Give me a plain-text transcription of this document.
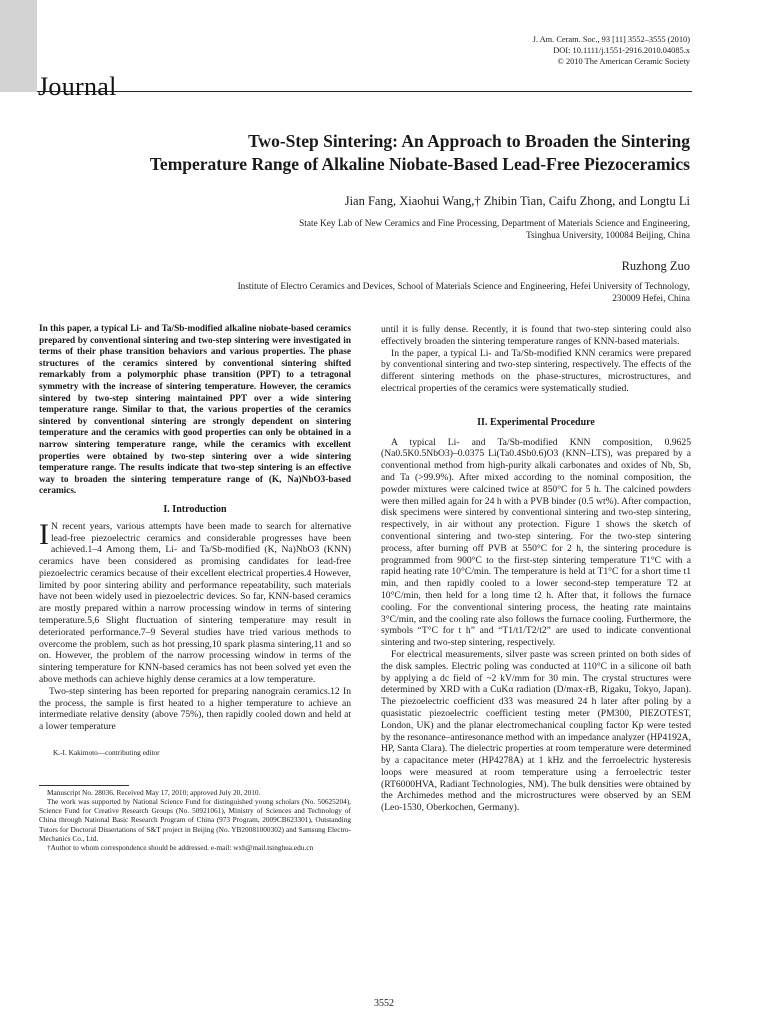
Journal
J. Am. Ceram. Soc., 93 [11] 3552–3555 (2010)
DOI: 10.1111/j.1551-2916.2010.04085.x
© 2010 The American Ceramic Society
Two-Step Sintering: An Approach to Broaden the Sintering
Temperature Range of Alkaline Niobate-Based Lead-Free Piezoceramics
Jian Fang, Xiaohui Wang,† Zhibin Tian, Caifu Zhong, and Longtu Li
State Key Lab of New Ceramics and Fine Processing, Department of Materials Science and Engineering,
Tsinghua University, 100084 Beijing, China
Ruzhong Zuo
Institute of Electro Ceramics and Devices, School of Materials Science and Engineering, Hefei University of Technology,
230009 Hefei, China

In this paper, a typical Li- and Ta/Sb-modified alkaline niobate-based ceramics prepared by conventional sintering and two-step sintering were investigated in terms of their phase transition behaviors and various properties. The phase structures of the ceramics sintered by conventional sintering shifted remarkably from a polymorphic phase transition (PPT) to a tetragonal symmetry with the increase of sintering temperature. However, the ceramics sintered by two-step sintering maintained PPT over a wide sintering temperature range. Similar to that, the various properties of the ceramics sintered by conventional sintering are strongly dependent on sintering temperature and the ceramics with good properties can only be obtained in a narrow sintering temperature range, while the ceramics with excellent properties were obtained by two-step sintering over a wide sintering temperature range. The results indicate that two-step sintering is an effective way to broaden the sintering temperature range of (K, Na)NbO3-based ceramics.

I. Introduction

I N recent years, various attempts have been made to search for alternative lead-free piezoelectric ceramics and considerable progresses have been achieved.1–4 Among them, Li- and Ta/Sb-modified (K, Na)NbO3 (KNN) ceramics have been considered as promising candidates for lead-free piezoelectric ceramics because of their excellent electrical properties.4 However, limited by poor sintering ability and performance repeatability, such materials have not been widely used in piezoelectric devices. So far, KNN-based ceramics are mostly prepared within a narrow processing window in terms of sintering temperature.5,6 Slight fluctuation of sintering temperature may result in deteriorated performance.7–9 Several studies have tried various methods to overcome the problem, such as hot pressing,10 spark plasma sintering,11 and so on. However, the problem of the narrow processing window in terms of the sintering temperature for KNN-based ceramics has not been solved yet even the above methods can achieve highly dense ceramics at a low temperature.

Two-step sintering has been reported for preparing nanograin ceramics.12 In the process, the sample is first heated to a higher temperature to achieve an intermediate relative density (above 75%), then rapidly cooled down and held at a lower temperature

K.-I. Kakimoto—contributing editor

Manuscript No. 28036. Received May 17, 2010; approved July 20, 2010.

The work was supported by National Science Fund for distinguished young scholars (No. 50625204), Science Fund for Creative Research Groups (No. 50921061), Ministry of Sciences and Technology of China through National Basic Research Program of China (973 Program, 2009CB623301), Outstanding Tutors for Doctoral Dissertations of S&T project in Beijing (No. YB20081000302) and Samsung Electro-Mechanics Co., Ltd.

†Author to whom correspondence should be addressed. e-mail: wxh@mail.tsinghua.edu.cn

until it is fully dense. Recently, it is found that two-step sintering could also effectively broaden the sintering temperature ranges of KNN-based materials.

In the paper, a typical Li- and Ta/Sb-modified KNN ceramics were prepared by conventional sintering and two-step sintering, respectively. The effects of the different sintering methods on the phase-structures, microstructures, and electrical properties of the ceramics were systematically studied.

II. Experimental Procedure

A typical Li- and Ta/Sb-modified KNN composition, 0.9625 (Na0.5K0.5NbO3)–0.0375 Li(Ta0.4Sb0.6)O3 (KNN–LTS), was prepared by a conventional method from high-purity alkali carbonates and oxides of Nb, Sb, and Ta (>99.9%). After mixed according to the nominal composition, the powder mixtures were calcined twice at 850°C for 5 h. The calcined powders were then milled again for 24 h with a PVB binder (0.5 wt%). After compaction, disk specimens were sintered by conventional sintering and two-step sintering, respectively, in air without any protection. Figure 1 shows the sketch of conventional sintering and two-step sintering. For the two-step sintering process, after burning off PVB at 550°C for 2 h, the sintering procedure is programmed from 900°C to the first-step sintering temperature T1°C with a rapid heating rate 10°C/min. The temperature is held at T1°C for a short time t1 min, and then rapidly cooled to a lower second-step temperature T2 at 10°C/min, then held for a long time t2 h. After that, it follows the furnace cooling. For the conventional sintering process, the heating rate maintains 3°C/min, and the cooling rate also follows the furnace cooling. Furthermore, the symbols “T°C for t h” and “T1/t1/T2/t2” are used to indicate conventional sintering and two-step sintering, respectively.

For electrical measurements, silver paste was screen printed on both sides of the disk samples. Electric poling was conducted at 110°C in a silicone oil bath by applying a dc field of ~2 kV/mm for 30 min. The crystal structures were determined by XRD with a CuKα radiation (D/max-rB, Rigaku, Tokyo, Japan). The piezoelectric coefficient d33 was measured 24 h later after poling by a quasistatic piezoelectric coefficient testing meter (PM300, PIEZOTEST, London, UK) and the planar electromechanical coupling factor Kp were tested by the resonance–antiresonance method with an impedance analyzer (HP4192A, HP, Santa Clara). The dielectric properties at room temperature were determined by a capacitance meter (HP4278A) at 1 kHz and the ferroelectric hysteresis loops were measured at room temperature using a ferroelectric tester (RT6000HVA, Radiant Technologies, NM). The bulk densities were obtained by the Archimedes method and the microstructures were observed by an SEM (Leo-1530, Oberkochen, Germany).

3552
